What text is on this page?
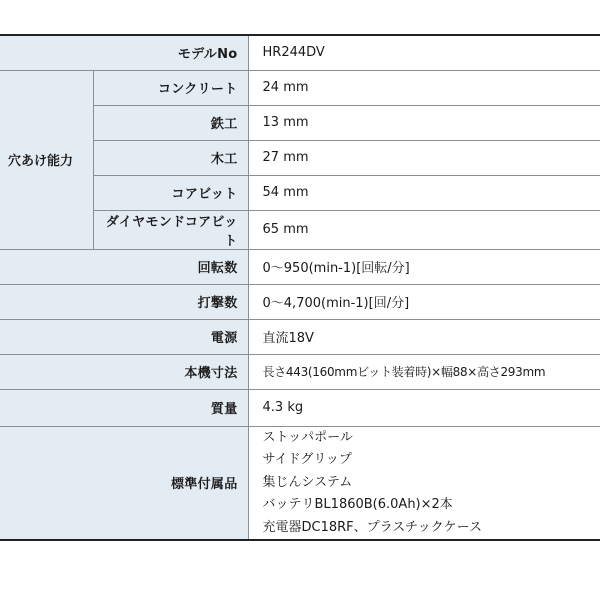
モデルNo		HR244DV
穴あけ能力	コンクリート	24 mm
	鉄工	13 mm
	木工	27 mm
	コアビット	54 mm
	ダイヤモンドコアビット	65 mm
回転数		0～950(min-1)[回転/分]
打撃数		0～4,700(min-1)[回/分]
電源		直流18V
本機寸法		長さ443(160mmビット装着時)×幅88×高さ293mm
質量		4.3 kg
標準付属品		ストッパポール
サイドグリップ
集じんシステム
バッテリBL1860B(6.0Ah)×2本
充電器DC18RF、プラスチックケース
